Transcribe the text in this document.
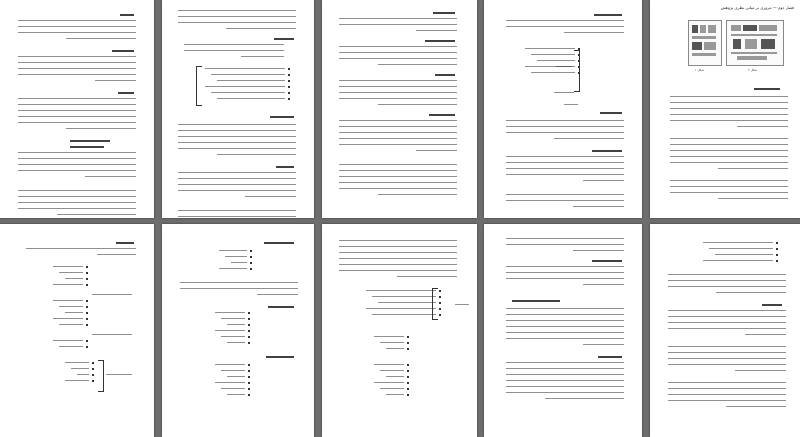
فصل دوم — مروری بر مبانی نظری پژوهش
شکل ۱	شکل ۲
